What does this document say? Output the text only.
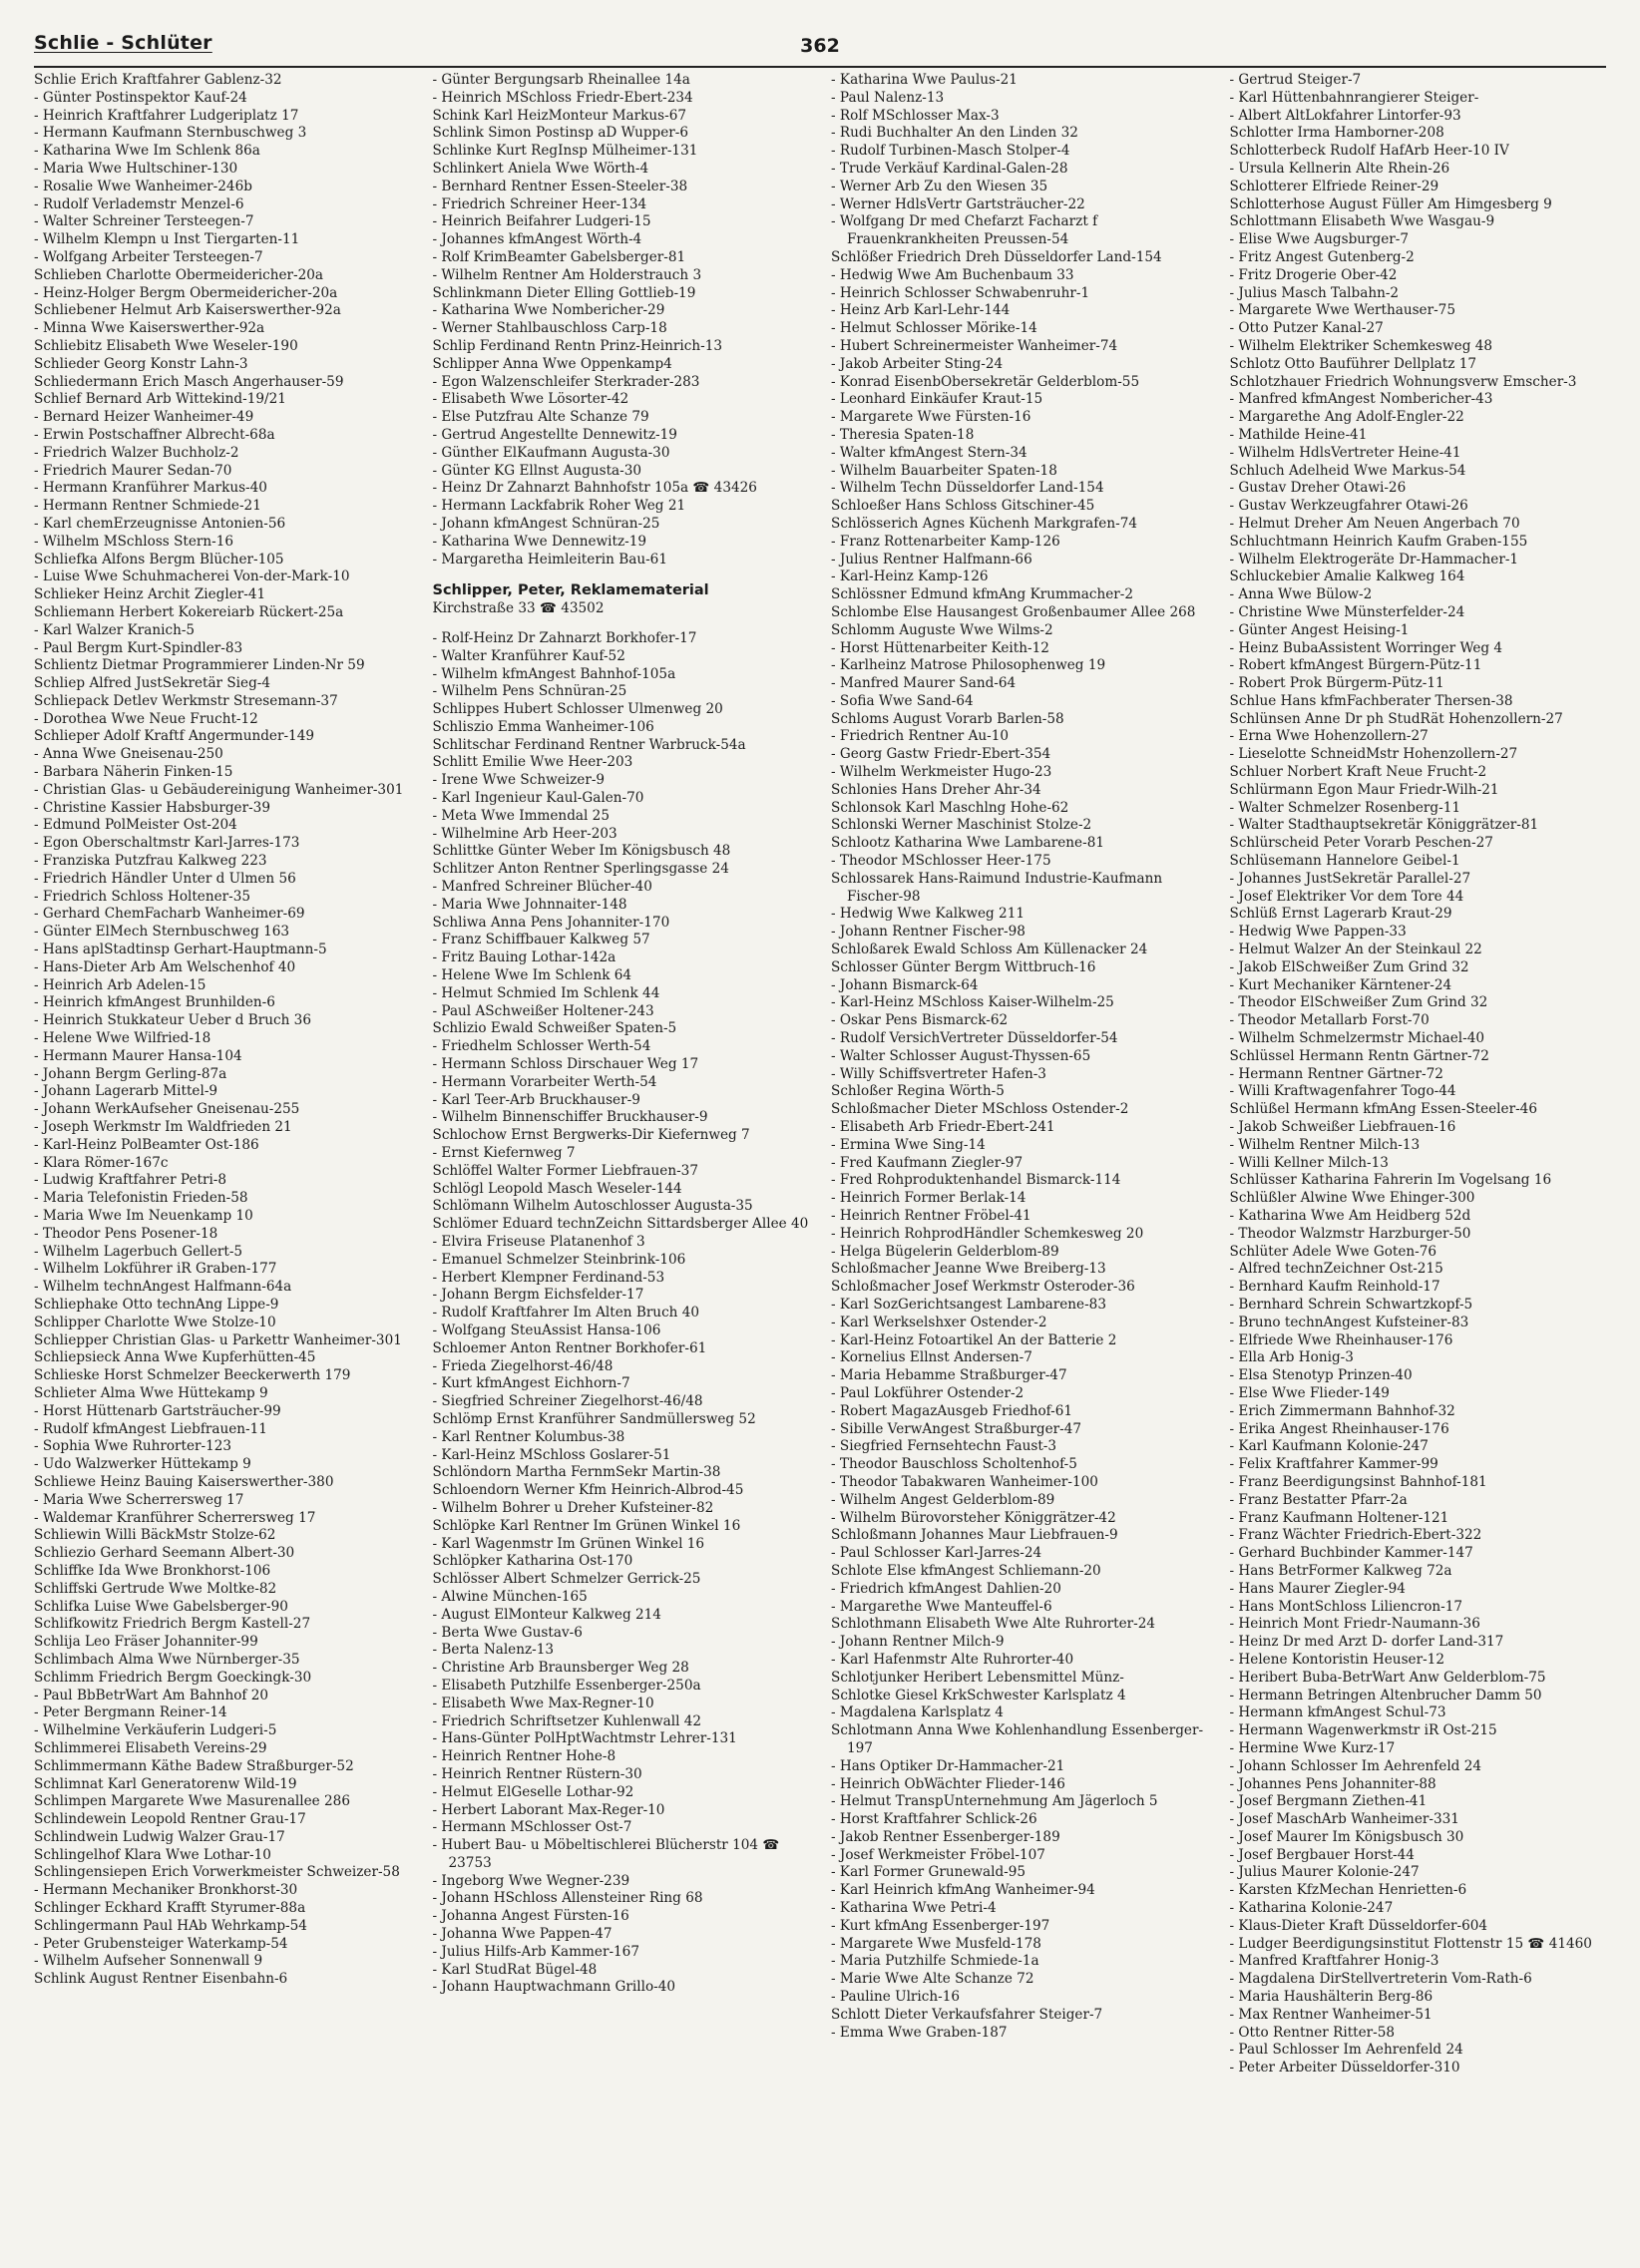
Schlie - Schlüter	362
Schlie Erich Kraftfahrer Gablenz-32
- Günter Postinspektor Kauf-24
- Heinrich Kraftfahrer Ludgeriplatz 17
- Hermann Kaufmann Sternbuschweg 3
- Katharina Wwe Im Schlenk 86a
- Maria Wwe Hultschiner-130
- Rosalie Wwe Wanheimer-246b
- Rudolf Verlademstr Menzel-6
- Walter Schreiner Tersteegen-7
- Wilhelm Klempn u Inst Tiergarten-11
- Wolfgang Arbeiter Tersteegen-7
Schlieben Charlotte Obermeidericher-20a
- Heinz-Holger Bergm Obermeidericher-20a
Schliebener Helmut Arb Kaiserswerther-92a
- Minna Wwe Kaiserswerther-92a
Schliebitz Elisabeth Wwe Weseler-190
Schlieder Georg Konstr Lahn-3
Schliedermann Erich Masch Angerhauser-59
Schlief Bernard Arb Wittekind-19/21
- Bernard Heizer Wanheimer-49
- Erwin Postschaffner Albrecht-68a
- Friedrich Walzer Buchholz-2
- Friedrich Maurer Sedan-70
- Hermann Kranführer Markus-40
- Hermann Rentner Schmiede-21
- Karl chemErzeugnisse Antonien-56
- Wilhelm MSchloss Stern-16
Schliefka Alfons Bergm Blücher-105
- Luise Wwe Schuhmacherei Von-der-Mark-10
Schlieker Heinz Archit Ziegler-41
Schliemann Herbert Kokereiarb Rückert-25a
- Karl Walzer Kranich-5
- Paul Bergm Kurt-Spindler-83
Schlientz Dietmar Programmierer Linden-Nr 59
Schliep Alfred JustSekretär Sieg-4
Schliepack Detlev Werkmstr Stresemann-37
- Dorothea Wwe Neue Frucht-12
Schlieper Adolf Kraftf Angermunder-149
- Anna Wwe Gneisenau-250
- Barbara Näherin Finken-15
- Christian Glas- u Gebäudereinigung Wanheimer-301
- Christine Kassier Habsburger-39
- Edmund PolMeister Ost-204
- Egon Oberschaltmstr Karl-Jarres-173
- Franziska Putzfrau Kalkweg 223
- Friedrich Händler Unter d Ulmen 56
- Friedrich Schloss Holtener-35
- Gerhard ChemFacharb Wanheimer-69
- Günter ElMech Sternbuschweg 163
- Hans aplStadtinsp Gerhart-Hauptmann-5
- Hans-Dieter Arb Am Welschenhof 40
- Heinrich Arb Adelen-15
- Heinrich kfmAngest Brunhilden-6
- Heinrich Stukkateur Ueber d Bruch 36
- Helene Wwe Wilfried-18
- Hermann Maurer Hansa-104
- Johann Bergm Gerling-87a
- Johann Lagerarb Mittel-9
- Johann WerkAufseher Gneisenau-255
- Joseph Werkmstr Im Waldfrieden 21
- Karl-Heinz PolBeamter Ost-186
- Klara Römer-167c
- Ludwig Kraftfahrer Petri-8
- Maria Telefonistin Frieden-58
- Maria Wwe Im Neuenkamp 10
- Theodor Pens Posener-18
- Wilhelm Lagerbuch Gellert-5
- Wilhelm Lokführer iR Graben-177
- Wilhelm technAngest Halfmann-64a
Schliephake Otto technAng Lippe-9
Schlipper Charlotte Wwe Stolze-10
Schliepper Christian Glas- u Parkettr Wanheimer-301
Schliepsieck Anna Wwe Kupferhütten-45
Schlieske Horst Schmelzer Beeckerwerth 179
Schlieter Alma Wwe Hüttekamp 9
- Horst Hüttenarb Gartsträucher-99
- Rudolf kfmAngest Liebfrauen-11
- Sophia Wwe Ruhrorter-123
- Udo Walzwerker Hüttekamp 9
Schliewe Heinz Bauing Kaiserswerther-380
- Maria Wwe Scherrersweg 17
- Waldemar Kranführer Scherrersweg 17
Schliewin Willi BäckMstr Stolze-62
Schliezio Gerhard Seemann Albert-30
Schliffke Ida Wwe Bronkhorst-106
Schliffski Gertrude Wwe Moltke-82
Schlifka Luise Wwe Gabelsberger-90
Schlifkowitz Friedrich Bergm Kastell-27
Schlija Leo Fräser Johanniter-99
Schlimbach Alma Wwe Nürnberger-35
Schlimm Friedrich Bergm Goeckingk-30
- Paul BbBetrWart Am Bahnhof 20
- Peter Bergmann Reiner-14
- Wilhelmine Verkäuferin Ludgeri-5
Schlimmerei Elisabeth Vereins-29
Schlimmermann Käthe Badew Straßburger-52
Schlimnat Karl Generatorenw Wild-19
Schlimpen Margarete Wwe Masurenallee 286
Schlindewein Leopold Rentner Grau-17
Schlindwein Ludwig Walzer Grau-17
Schlingelhof Klara Wwe Lothar-10
Schlingensiepen Erich Vorwerkmeister Schweizer-58
- Hermann Mechaniker Bronkhorst-30
Schlinger Eckhard Krafft Styrumer-88a
Schlingermann Paul HAb Wehrkamp-54
- Peter Grubensteiger Waterkamp-54
- Wilhelm Aufseher Sonnenwall 9
Schlink August Rentner Eisenbahn-6
- Günter Bergungsarb Rheinallee 14a
- Heinrich MSchloss Friedr-Ebert-234
Schink Karl HeizMonteur Markus-67
Schlink Simon Postinsp aD Wupper-6
Schlinke Kurt RegInsp Mülheimer-131
Schlinkert Aniela Wwe Wörth-4
- Bernhard Rentner Essen-Steeler-38
- Friedrich Schreiner Heer-134
- Heinrich Beifahrer Ludgeri-15
- Johannes kfmAngest Wörth-4
- Rolf KrimBeamter Gabelsberger-81
- Wilhelm Rentner Am Holderstrauch 3
Schlinkmann Dieter Elling Gottlieb-19
- Katharina Wwe Nombericher-29
- Werner Stahlbauschloss Carp-18
Schlip Ferdinand Rentn Prinz-Heinrich-13
Schlipper Anna Wwe Oppenkamp4
- Egon Walzenschleifer Sterkrader-283
- Elisabeth Wwe Lösorter-42
- Else Putzfrau Alte Schanze 79
- Gertrud Angestellte Dennewitz-19
- Günther ElKaufmann Augusta-30
- Günter KG Ellnst Augusta-30
- Heinz Dr Zahnarzt Bahnhofstr 105a ☎ 43426
- Hermann Lackfabrik Roher Weg 21
- Johann kfmAngest Schnüran-25
- Katharina Wwe Dennewitz-19
- Margaretha Heimleiterin Bau-61
Schlipper, Peter, Reklamematerial
Kirchstraße 33 ☎ 43502
- Rolf-Heinz Dr Zahnarzt Borkhofer-17
- Walter Kranführer Kauf-52
- Wilhelm kfmAngest Bahnhof-105a
- Wilhelm Pens Schnüran-25
Schlippes Hubert Schlosser Ulmenweg 20
Schliszio Emma Wanheimer-106
Schlitschar Ferdinand Rentner Warbruck-54a
Schlitt Emilie Wwe Heer-203
- Irene Wwe Schweizer-9
- Karl Ingenieur Kaul-Galen-70
- Meta Wwe Immendal 25
- Wilhelmine Arb Heer-203
Schlittke Günter Weber Im Königsbusch 48
Schlitzer Anton Rentner Sperlingsgasse 24
- Manfred Schreiner Blücher-40
- Maria Wwe Johnnaiter-148
Schliwa Anna Pens Johanniter-170
- Franz Schiffbauer Kalkweg 57
- Fritz Bauing Lothar-142a
- Helene Wwe Im Schlenk 64
- Helmut Schmied Im Schlenk 44
- Paul ASchweißer Holtener-243
Schlizio Ewald Schweißer Spaten-5
- Friedhelm Schlosser Werth-54
- Hermann Schloss Dirschauer Weg 17
- Hermann Vorarbeiter Werth-54
- Karl Teer-Arb Bruckhauser-9
- Wilhelm Binnenschiffer Bruckhauser-9
Schlochow Ernst Bergwerks-Dir Kiefernweg 7
- Ernst Kiefernweg 7
Schlöffel Walter Former Liebfrauen-37
Schlögl Leopold Masch Weseler-144
Schlömann Wilhelm Autoschlosser Augusta-35
Schlömer Eduard technZeichn Sittardsberger Allee 40
- Elvira Friseuse Platanenhof 3
- Emanuel Schmelzer Steinbrink-106
- Herbert Klempner Ferdinand-53
- Johann Bergm Eichsfelder-17
- Rudolf Kraftfahrer Im Alten Bruch 40
- Wolfgang SteuAssist Hansa-106
Schloemer Anton Rentner Borkhofer-61
- Frieda Ziegelhorst-46/48
- Kurt kfmAngest Eichhorn-7
- Siegfried Schreiner Ziegelhorst-46/48
Schlömp Ernst Kranführer Sandmüllersweg 52
- Karl Rentner Kolumbus-38
- Karl-Heinz MSchloss Goslarer-51
Schlöndorn Martha FernmSekr Martin-38
Schloendorn Werner Kfm Heinrich-Albrod-45
- Wilhelm Bohrer u Dreher Kufsteiner-82
Schlöpke Karl Rentner Im Grünen Winkel 16
- Karl Wagenmstr Im Grünen Winkel 16
Schlöpker Katharina Ost-170
Schlösser Albert Schmelzer Gerrick-25
- Alwine München-165
- August ElMonteur Kalkweg 214
- Berta Wwe Gustav-6
- Berta Nalenz-13
- Christine Arb Braunsberger Weg 28
- Elisabeth Putzhilfe Essenberger-250a
- Elisabeth Wwe Max-Regner-10
- Friedrich Schriftsetzer Kuhlenwall 42
- Hans-Günter PolHptWachtmstr Lehrer-131
- Heinrich Rentner Hohe-8
- Heinrich Rentner Rüstern-30
- Helmut ElGeselle Lothar-92
- Herbert Laborant Max-Reger-10
- Hermann MSchlosser Ost-7
- Hubert Bau- u Möbeltischlerei Blücherstr 104 ☎ 23753
- Ingeborg Wwe Wegner-239
- Johann HSchloss Allensteiner Ring 68
- Johanna Angest Fürsten-16
- Johanna Wwe Pappen-47
- Julius Hilfs-Arb Kammer-167
- Karl StudRat Bügel-48
- Johann Hauptwachmann Grillo-40
- Katharina Wwe Paulus-21
- Paul Nalenz-13
- Rolf MSchlosser Max-3
- Rudi Buchhalter An den Linden 32
- Rudolf Turbinen-Masch Stolper-4
- Trude Verkäuf Kardinal-Galen-28
- Werner Arb Zu den Wiesen 35
- Werner HdlsVertr Gartsträucher-22
- Wolfgang Dr med Chefarzt Facharzt f Frauenkrankheiten Preussen-54
Schlößer Friedrich Dreh Düsseldorfer Land-154
- Hedwig Wwe Am Buchenbaum 33
- Heinrich Schlosser Schwabenruhr-1
- Heinz Arb Karl-Lehr-144
- Helmut Schlosser Mörike-14
- Hubert Schreinermeister Wanheimer-74
- Jakob Arbeiter Sting-24
- Konrad EisenbObersekretär Gelderblom-55
- Leonhard Einkäufer Kraut-15
- Margarete Wwe Fürsten-16
- Theresia Spaten-18
- Walter kfmAngest Stern-34
- Wilhelm Bauarbeiter Spaten-18
- Wilhelm Techn Düsseldorfer Land-154
Schloeßer Hans Schloss Gitschiner-45
Schlösserich Agnes Küchenh Markgrafen-74
- Franz Rottenarbeiter Kamp-126
- Julius Rentner Halfmann-66
- Karl-Heinz Kamp-126
Schlössner Edmund kfmAng Krummacher-2
Schlombe Else Hausangest Großenbaumer Allee 268
Schlomm Auguste Wwe Wilms-2
- Horst Hüttenarbeiter Keith-12
- Karlheinz Matrose Philosophenweg 19
- Manfred Maurer Sand-64
- Sofia Wwe Sand-64
Schloms August Vorarb Barlen-58
- Friedrich Rentner Au-10
- Georg Gastw Friedr-Ebert-354
- Wilhelm Werkmeister Hugo-23
Schlonies Hans Dreher Ahr-34
Schlonsok Karl Maschlng Hohe-62
Schlonski Werner Maschinist Stolze-2
Schlootz Katharina Wwe Lambarene-81
- Theodor MSchlosser Heer-175
Schlossarek Hans-Raimund Industrie-Kaufmann Fischer-98
- Hedwig Wwe Kalkweg 211
- Johann Rentner Fischer-98
Schloßarek Ewald Schloss Am Küllenacker 24
Schlosser Günter Bergm Wittbruch-16
- Johann Bismarck-64
- Karl-Heinz MSchloss Kaiser-Wilhelm-25
- Oskar Pens Bismarck-62
- Rudolf VersichVertreter Düsseldorfer-54
- Walter Schlosser August-Thyssen-65
- Willy Schiffsvertreter Hafen-3
Schloßer Regina Wörth-5
Schloßmacher Dieter MSchloss Ostender-2
- Elisabeth Arb Friedr-Ebert-241
- Ermina Wwe Sing-14
- Fred Kaufmann Ziegler-97
- Fred Rohproduktenhandel Bismarck-114
- Heinrich Former Berlak-14
- Heinrich Rentner Fröbel-41
- Heinrich RohprodHändler Schemkesweg 20
- Helga Bügelerin Gelderblom-89
Schloßmacher Jeanne Wwe Breiberg-13
Schloßmacher Josef Werkmstr Osteroder-36
- Karl SozGerichtsangest Lambarene-83
- Karl Werkselshxer Ostender-2
- Karl-Heinz Fotoartikel An der Batterie 2
- Kornelius Ellnst Andersen-7
- Maria Hebamme Straßburger-47
- Paul Lokführer Ostender-2
- Robert MagazAusgeb Friedhof-61
- Sibille VerwAngest Straßburger-47
- Siegfried Fernsehtechn Faust-3
- Theodor Bauschloss Scholtenhof-5
- Theodor Tabakwaren Wanheimer-100
- Wilhelm Angest Gelderblom-89
- Wilhelm Bürovorsteher Königgrätzer-42
Schloßmann Johannes Maur Liebfrauen-9
- Paul Schlosser Karl-Jarres-24
Schlote Else kfmAngest Schliemann-20
- Friedrich kfmAngest Dahlien-20
- Margarethe Wwe Manteuffel-6
Schlothmann Elisabeth Wwe Alte Ruhrorter-24
- Johann Rentner Milch-9
- Karl Hafenmstr Alte Ruhrorter-40
Schlotjunker Heribert Lebensmittel Münz-
Schlotke Giesel KrkSchwester Karlsplatz 4
- Magdalena Karlsplatz 4
Schlotmann Anna Wwe Kohlenhandlung Essenberger-197
- Hans Optiker Dr-Hammacher-21
- Heinrich ObWächter Flieder-146
- Helmut TranspUnternehmung Am Jägerloch 5
- Horst Kraftfahrer Schlick-26
- Jakob Rentner Essenberger-189
- Josef Werkmeister Fröbel-107
- Karl Former Grunewald-95
- Karl Heinrich kfmAng Wanheimer-94
- Katharina Wwe Petri-4
- Kurt kfmAng Essenberger-197
- Margarete Wwe Musfeld-178
- Maria Putzhilfe Schmiede-1a
- Marie Wwe Alte Schanze 72
- Pauline Ulrich-16
Schlott Dieter Verkaufsfahrer Steiger-7
- Emma Wwe Graben-187
- Gertrud Steiger-7
- Karl Hüttenbahnrangierer Steiger-
- Albert AltLokfahrer Lintorfer-93
Schlotter Irma Hamborner-208
Schlotterbeck Rudolf HafArb Heer-10 IV
- Ursula Kellnerin Alte Rhein-26
Schlotterer Elfriede Reiner-29
Schlotterhose August Füller Am Himgesberg 9
Schlottmann Elisabeth Wwe Wasgau-9
- Elise Wwe Augsburger-7
- Fritz Angest Gutenberg-2
- Fritz Drogerie Ober-42
- Julius Masch Talbahn-2
- Margarete Wwe Werthauser-75
- Otto Putzer Kanal-27
- Wilhelm Elektriker Schemkesweg 48
Schlotz Otto Bauführer Dellplatz 17
Schlotzhauer Friedrich Wohnungsverw Emscher-3
- Manfred kfmAngest Nombericher-43
- Margarethe Ang Adolf-Engler-22
- Mathilde Heine-41
- Wilhelm HdlsVertreter Heine-41
Schluch Adelheid Wwe Markus-54
- Gustav Dreher Otawi-26
- Gustav Werkzeugfahrer Otawi-26
- Helmut Dreher Am Neuen Angerbach 70
Schluchtmann Heinrich Kaufm Graben-155
- Wilhelm Elektrogeräte Dr-Hammacher-1
Schluckebier Amalie Kalkweg 164
- Anna Wwe Bülow-2
- Christine Wwe Münsterfelder-24
- Günter Angest Heising-1
- Heinz BubaAssistent Worringer Weg 4
- Robert kfmAngest Bürgern-Pütz-11
- Robert Prok Bürgerm-Pütz-11
Schlue Hans kfmFachberater Thersen-38
Schlünsen Anne Dr ph StudRät Hohenzollern-27
- Erna Wwe Hohenzollern-27
- Lieselotte SchneidMstr Hohenzollern-27
Schluer Norbert Kraft Neue Frucht-2
Schlürmann Egon Maur Friedr-Wilh-21
- Walter Schmelzer Rosenberg-11
- Walter Stadthauptsekretär Königgrätzer-81
Schlürscheid Peter Vorarb Peschen-27
Schlüsemann Hannelore Geibel-1
- Johannes JustSekretär Parallel-27
- Josef Elektriker Vor dem Tore 44
Schlüß Ernst Lagerarb Kraut-29
- Hedwig Wwe Pappen-33
- Helmut Walzer An der Steinkaul 22
- Jakob ElSchweißer Zum Grind 32
- Kurt Mechaniker Kärntener-24
- Theodor ElSchweißer Zum Grind 32
- Theodor Metallarb Forst-70
- Wilhelm Schmelzermstr Michael-40
Schlüssel Hermann Rentn Gärtner-72
- Hermann Rentner Gärtner-72
- Willi Kraftwagenfahrer Togo-44
Schlüßel Hermann kfmAng Essen-Steeler-46
- Jakob Schweißer Liebfrauen-16
- Wilhelm Rentner Milch-13
- Willi Kellner Milch-13
Schlüsser Katharina Fahrerin Im Vogelsang 16
Schlüßler Alwine Wwe Ehinger-300
- Katharina Wwe Am Heidberg 52d
- Theodor Walzmstr Harzburger-50
Schlüter Adele Wwe Goten-76
- Alfred technZeichner Ost-215
- Bernhard Kaufm Reinhold-17
- Bernhard Schrein Schwartzkopf-5
- Bruno technAngest Kufsteiner-83
- Elfriede Wwe Rheinhauser-176
- Ella Arb Honig-3
- Elsa Stenotyp Prinzen-40
- Else Wwe Flieder-149
- Erich Zimmermann Bahnhof-32
- Erika Angest Rheinhauser-176
- Karl Kaufmann Kolonie-247
- Felix Kraftfahrer Kammer-99
- Franz Beerdigungsinst Bahnhof-181
- Franz Bestatter Pfarr-2a
- Franz Kaufmann Holtener-121
- Franz Wächter Friedrich-Ebert-322
- Gerhard Buchbinder Kammer-147
- Hans BetrFormer Kalkweg 72a
- Hans Maurer Ziegler-94
- Hans MontSchloss Liliencron-17
- Heinrich Mont Friedr-Naumann-36
- Heinz Dr med Arzt D- dorfer Land-317
- Helene Kontoristin Heuser-12
- Heribert Buba-BetrWart Anw Gelderblom-75
- Hermann Betringen Altenbrucher Damm 50
- Hermann kfmAngest Schul-73
- Hermann Wagenwerkmstr iR Ost-215
- Hermine Wwe Kurz-17
- Johann Schlosser Im Aehrenfeld 24
- Johannes Pens Johanniter-88
- Josef Bergmann Ziethen-41
- Josef MaschArb Wanheimer-331
- Josef Maurer Im Königsbusch 30
- Josef Bergbauer Horst-44
- Julius Maurer Kolonie-247
- Karsten KfzMechan Henrietten-6
- Katharina Kolonie-247
- Klaus-Dieter Kraft Düsseldorfer-604
- Ludger Beerdigungsinstitut Flottenstr 15 ☎ 41460
- Manfred Kraftfahrer Honig-3
- Magdalena DirStellvertreterin Vom-Rath-6
- Maria Haushälterin Berg-86
- Max Rentner Wanheimer-51
- Otto Rentner Ritter-58
- Paul Schlosser Im Aehrenfeld 24
- Peter Arbeiter Düsseldorfer-310
